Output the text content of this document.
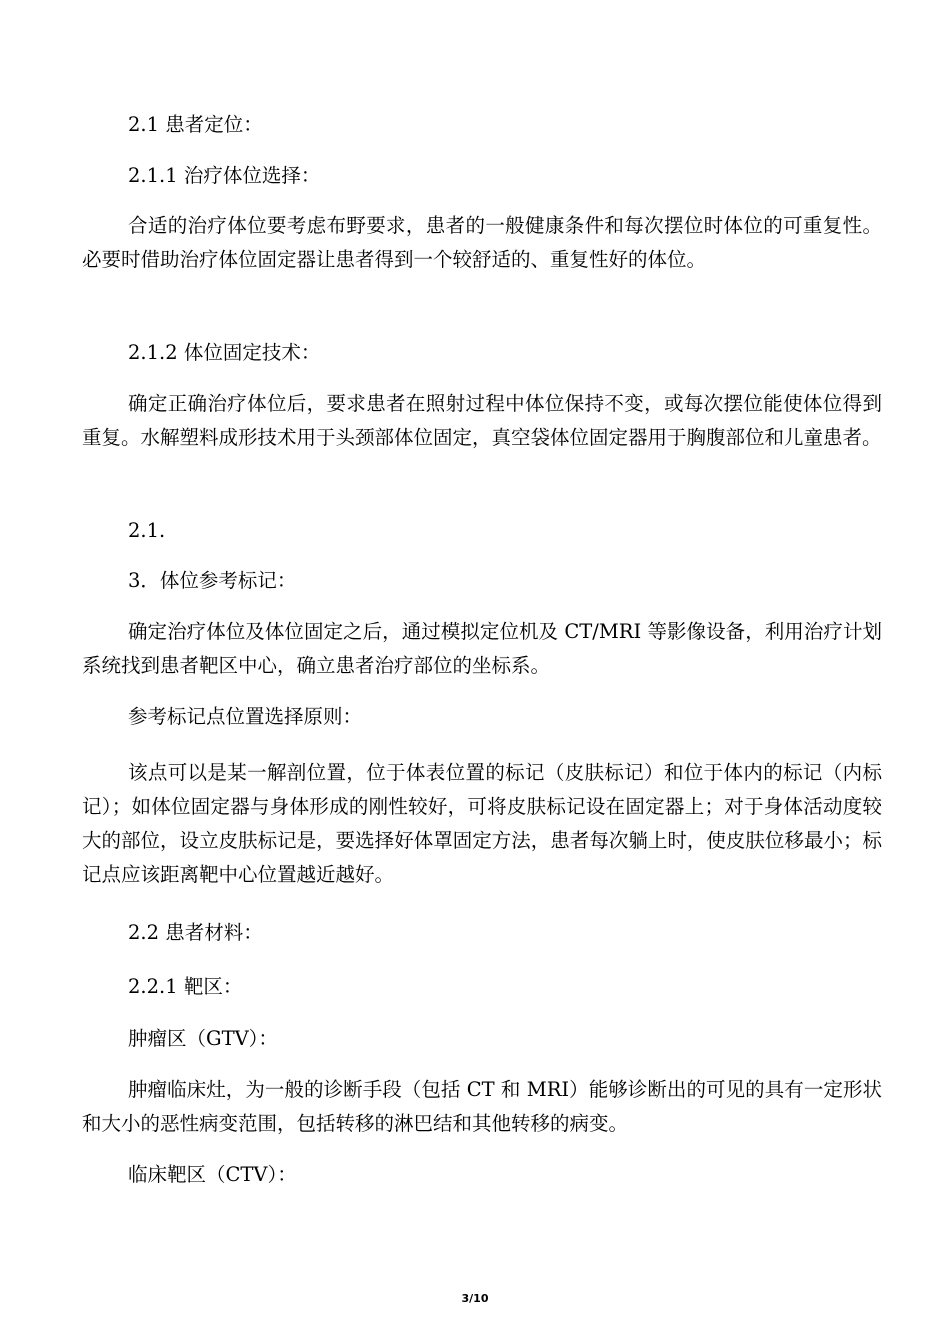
2.1 患者定位：

2.1.1 治疗体位选择：

合适的治疗体位要考虑布野要求，患者的一般健康条件和每次摆位时体位的可重复性。必要时借助治疗体位固定器让患者得到一个较舒适的、重复性好的体位。

2.1.2 体位固定技术：

确定正确治疗体位后，要求患者在照射过程中体位保持不变，或每次摆位能使体位得到重复。水解塑料成形技术用于头颈部体位固定，真空袋体位固定器用于胸腹部位和儿童患者。

2.1.

3．体位参考标记：

确定治疗体位及体位固定之后，通过模拟定位机及 CT/MRI 等影像设备，利用治疗计划系统找到患者靶区中心，确立患者治疗部位的坐标系。

参考标记点位置选择原则：

该点可以是某一解剖位置，位于体表位置的标记（皮肤标记）和位于体内的标记（内标记）；如体位固定器与身体形成的刚性较好，可将皮肤标记设在固定器上；对于身体活动度较大的部位，设立皮肤标记是，要选择好体罩固定方法，患者每次躺上时，使皮肤位移最小；标记点应该距离靶中心位置越近越好。

2.2 患者材料：

2.2.1 靶区：

肿瘤区（GTV）：

肿瘤临床灶，为一般的诊断手段（包括 CT 和 MRI）能够诊断出的可见的具有一定形状和大小的恶性病变范围，包括转移的淋巴结和其他转移的病变。

临床靶区（CTV）：

3/10
